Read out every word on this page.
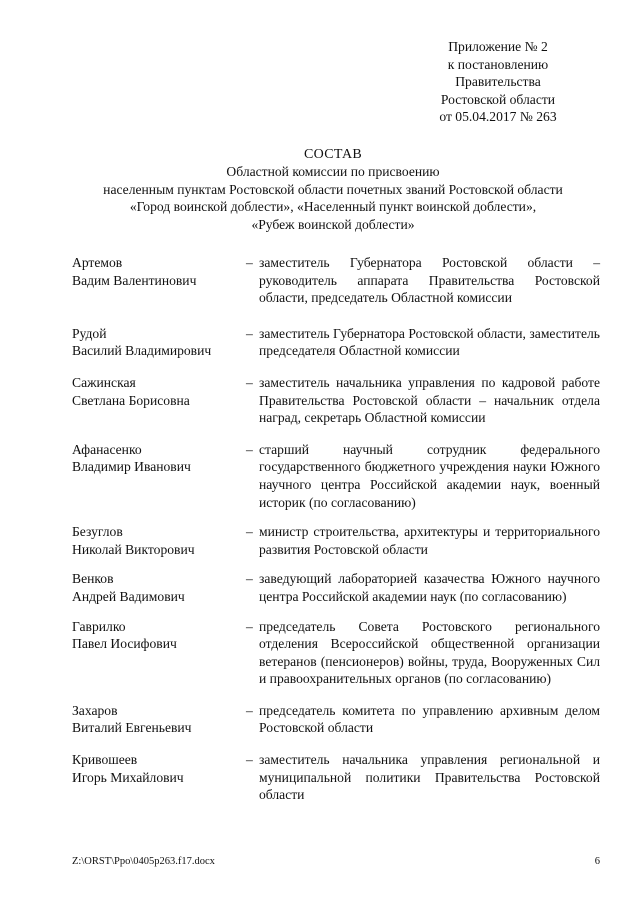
Приложение № 2
к постановлению
Правительства
Ростовской области
от 05.04.2017 № 263
СОСТАВ
Областной комиссии по присвоению
населенным пунктам Ростовской области почетных званий Ростовской области
«Город воинской доблести», «Населенный пункт воинской доблести»,
«Рубеж воинской доблести»
Артемов
Вадим Валентинович
– заместитель Губернатора Ростовской области – руководитель аппарата Правительства Ростовской области, председатель Областной комиссии
Рудой
Василий Владимирович
– заместитель Губернатора Ростовской области, заместитель председателя Областной комиссии
Сажинская
Светлана Борисовна
– заместитель начальника управления по кадровой работе Правительства Ростовской области – начальник отдела наград, секретарь Областной комиссии
Афанасенко
Владимир Иванович
– старший научный сотрудник федерального государственного бюджетного учреждения науки Южного научного центра Российской академии наук, военный историк (по согласованию)
Безуглов
Николай Викторович
– министр строительства, архитектуры и территориального развития Ростовской области
Венков
Андрей Вадимович
– заведующий лабораторией казачества Южного научного центра Российской академии наук (по согласованию)
Гаврилко
Павел Иосифович
– председатель Совета Ростовского регионального отделения Всероссийской общественной организации ветеранов (пенсионеров) войны, труда, Вооруженных Сил и правоохранительных органов (по согласованию)
Захаров
Виталий Евгеньевич
– председатель комитета по управлению архивным делом Ростовской области
Кривошеев
Игорь Михайлович
– заместитель начальника управления региональной и муниципальной политики Правительства Ростовской области
Z:\ORST\Ppo\0405p263.f17.docx	6
